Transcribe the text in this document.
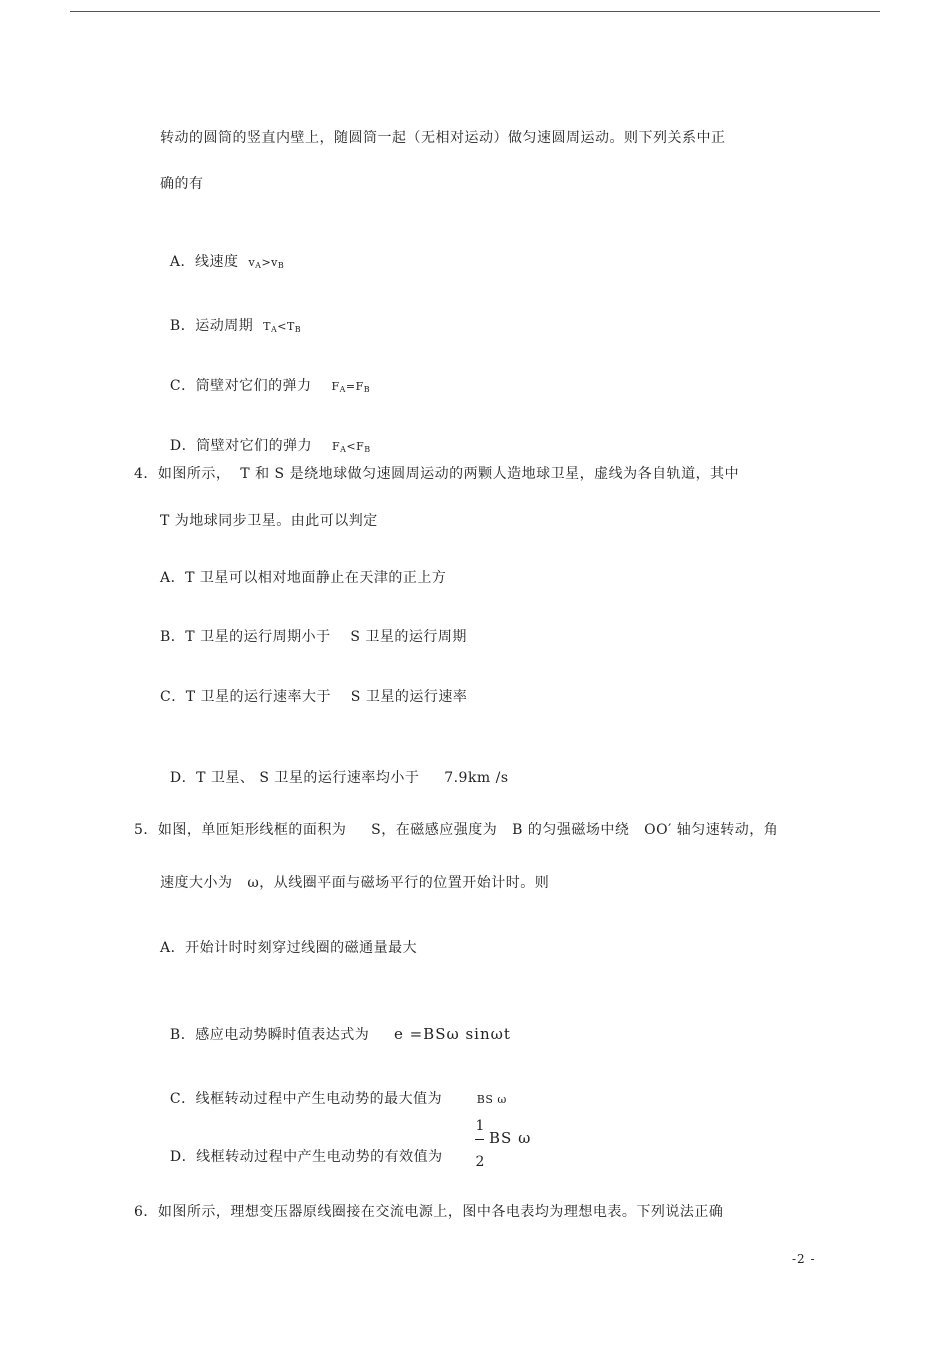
转动的圆筒的竖直内壁上，随圆筒一起（无相对运动）做匀速圆周运动。则下列关系中正
确的有

A．线速度 $v_A>v_B$

B．运动周期 $T_A<T_B$

C．筒壁对它们的弹力 $F_A=F_B$

D．筒壁对它们的弹力 $F_A<F_B$

4．如图所示，  T 和 S 是绕地球做匀速圆周运动的两颗人造地球卫星，虚线为各自轨道，其中
T 为地球同步卫星。由此可以判定
A．T 卫星可以相对地面静止在天津的正上方
B．T 卫星的运行周期小于    S 卫星的运行周期
C．T 卫星的运行速率大于    S 卫星的运行速率

D．T 卫星、 S 卫星的运行速率均小于 7.9km /s

5．如图，单匝矩形线框的面积为     S，在磁感应强度为   B 的匀强磁场中绕   OO′ 轴匀速转动，角
速度大小为   ω，从线圈平面与磁场平行的位置开始计时。则
A．开始计时时刻穿过线圈的磁通量最大

B．感应电动势瞬时值表达式为 e =BSω sinωt

C．线框转动过程中产生电动势的最大值为	BS ω

D．线框转动过程中产生电动势的有效值为

1
2
BS ω
6．如图所示，理想变压器原线圈接在交流电源上，图中各电表均为理想电表。下列说法正确
-2 -
